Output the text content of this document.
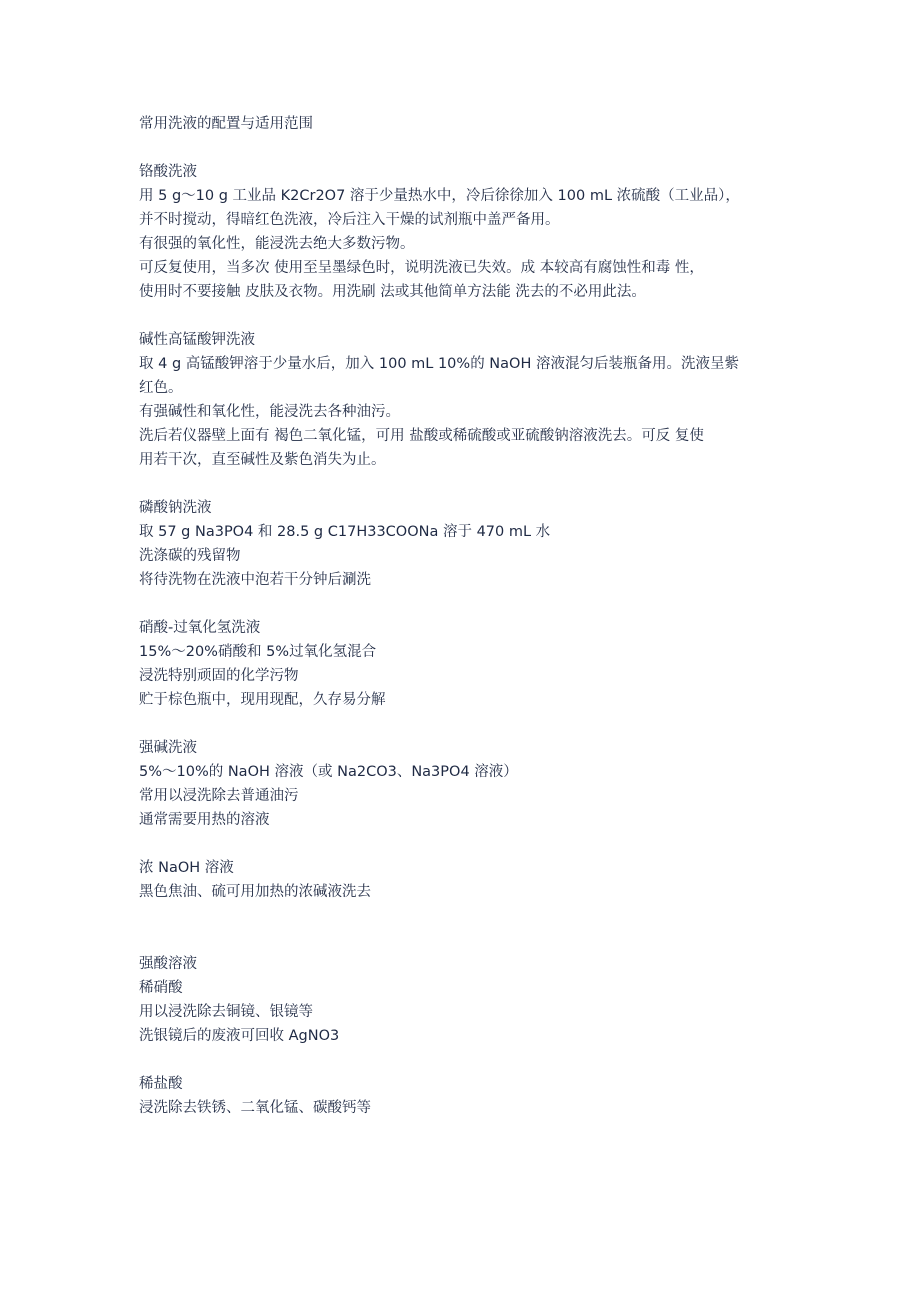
常用洗液的配置与适用范围
铬酸洗液
用 5 g～10 g 工业品 K2Cr2O7 溶于少量热水中，冷后徐徐加入 100 mL 浓硫酸（工业品），
并不时搅动，得暗红色洗液，冷后注入干燥的试剂瓶中盖严备用。
有很强的氧化性，能浸洗去绝大多数污物。
可反复使用，当多次 使用至呈墨绿色时，说明洗液已失效。成 本较高有腐蚀性和毒 性，
使用时不要接触 皮肤及衣物。用洗刷 法或其他简单方法能 洗去的不必用此法。
碱性高锰酸钾洗液
取 4 g 高锰酸钾溶于少量水后，加入 100 mL 10%的 NaOH 溶液混匀后装瓶备用。洗液呈紫
红色。
有强碱性和氧化性，能浸洗去各种油污。
洗后若仪器壁上面有 褐色二氧化锰，可用 盐酸或稀硫酸或亚硫酸钠溶液洗去。可反 复使
用若干次，直至碱性及紫色消失为止。
磷酸钠洗液
取 57 g Na3PO4 和 28.5 g C17H33COONa 溶于 470 mL 水
洗涤碳的残留物
将待洗物在洗液中泡若干分钟后涮洗
硝酸-过氧化氢洗液
15%～20%硝酸和 5%过氧化氢混合
浸洗特别顽固的化学污物
贮于棕色瓶中，现用现配，久存易分解
强碱洗液
5%～10%的 NaOH 溶液（或 Na2CO3、Na3PO4 溶液）
常用以浸洗除去普通油污
通常需要用热的溶液
浓 NaOH 溶液
黑色焦油、硫可用加热的浓碱液洗去
强酸溶液
稀硝酸
用以浸洗除去铜镜、银镜等
洗银镜后的废液可回收 AgNO3
稀盐酸
浸洗除去铁锈、二氧化锰、碳酸钙等
